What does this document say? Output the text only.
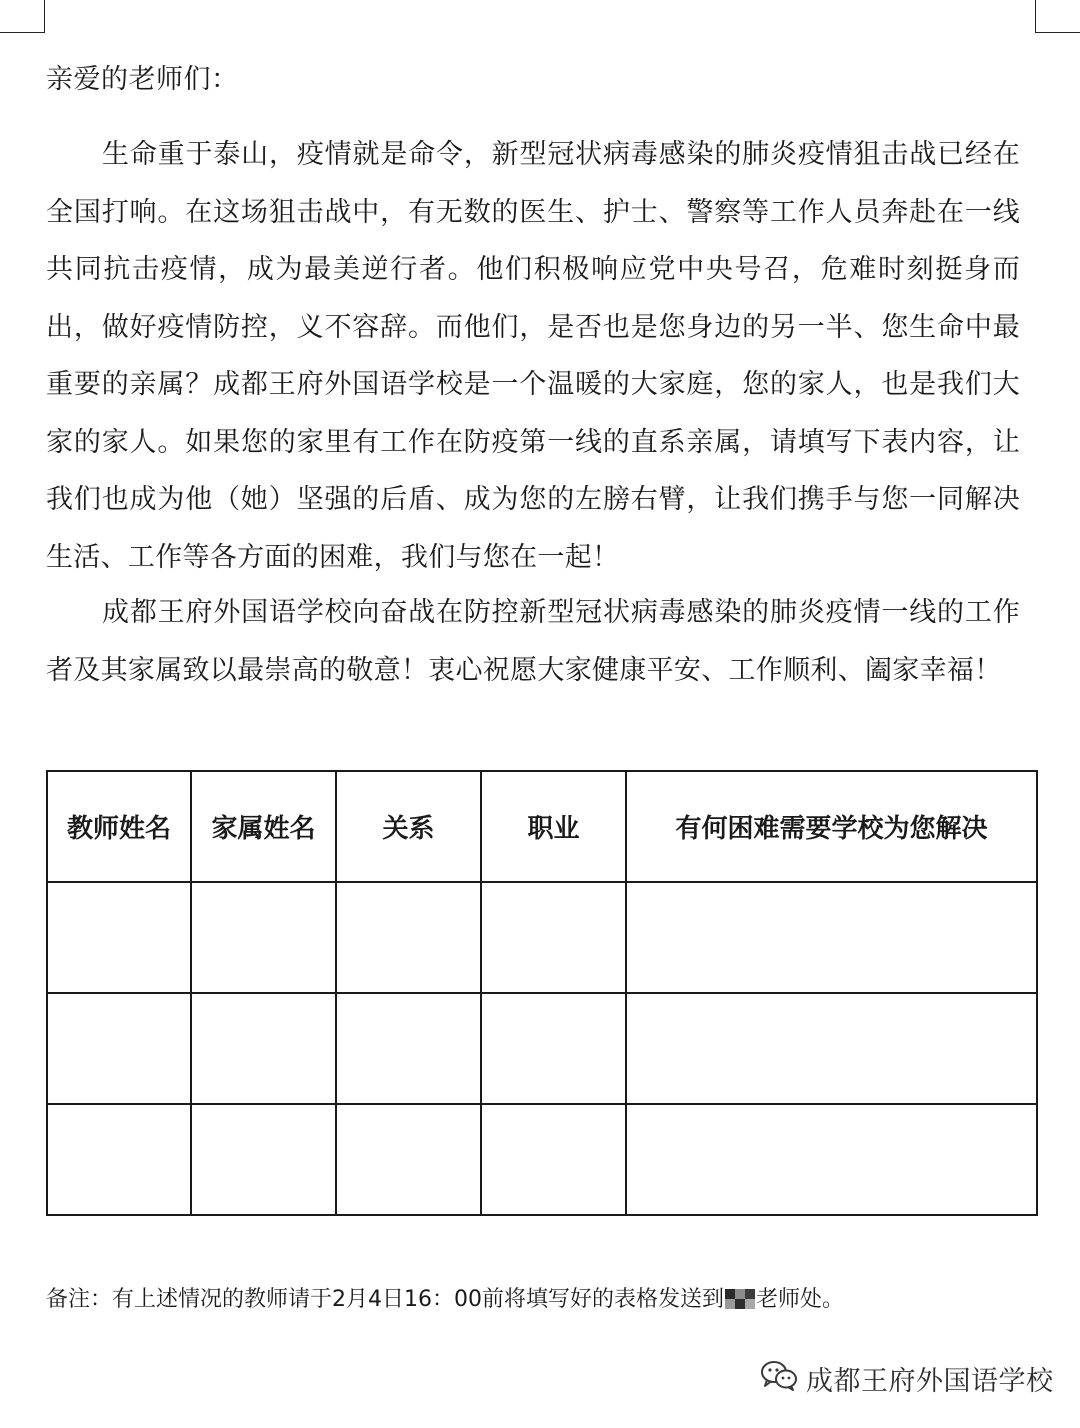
亲爱的老师们：

生命重于泰山，疫情就是命令，新型冠状病毒感染的肺炎疫情狙击战已经在全国打响。在这场狙击战中，有无数的医生、护士、警察等工作人员奔赴在一线共同抗击疫情，成为最美逆行者。他们积极响应党中央号召，危难时刻挺身而出，做好疫情防控，义不容辞。而他们，是否也是您身边的另一半、您生命中最重要的亲属？成都王府外国语学校是一个温暖的大家庭，您的家人，也是我们大家的家人。如果您的家里有工作在防疫第一线的直系亲属，请填写下表内容，让我们也成为他（她）坚强的后盾、成为您的左膀右臂，让我们携手与您一同解决生活、工作等各方面的困难，我们与您在一起！

成都王府外国语学校向奋战在防控新型冠状病毒感染的肺炎疫情一线的工作者及其家属致以最崇高的敬意！衷心祝愿大家健康平安、工作顺利、阖家幸福！

教师姓名	家属姓名	关系	职业	有何困难需要学校为您解决

备注：有上述情况的教师请于2月4日16：00前将填写好的表格发送到 老师处。
成都王府外国语学校
